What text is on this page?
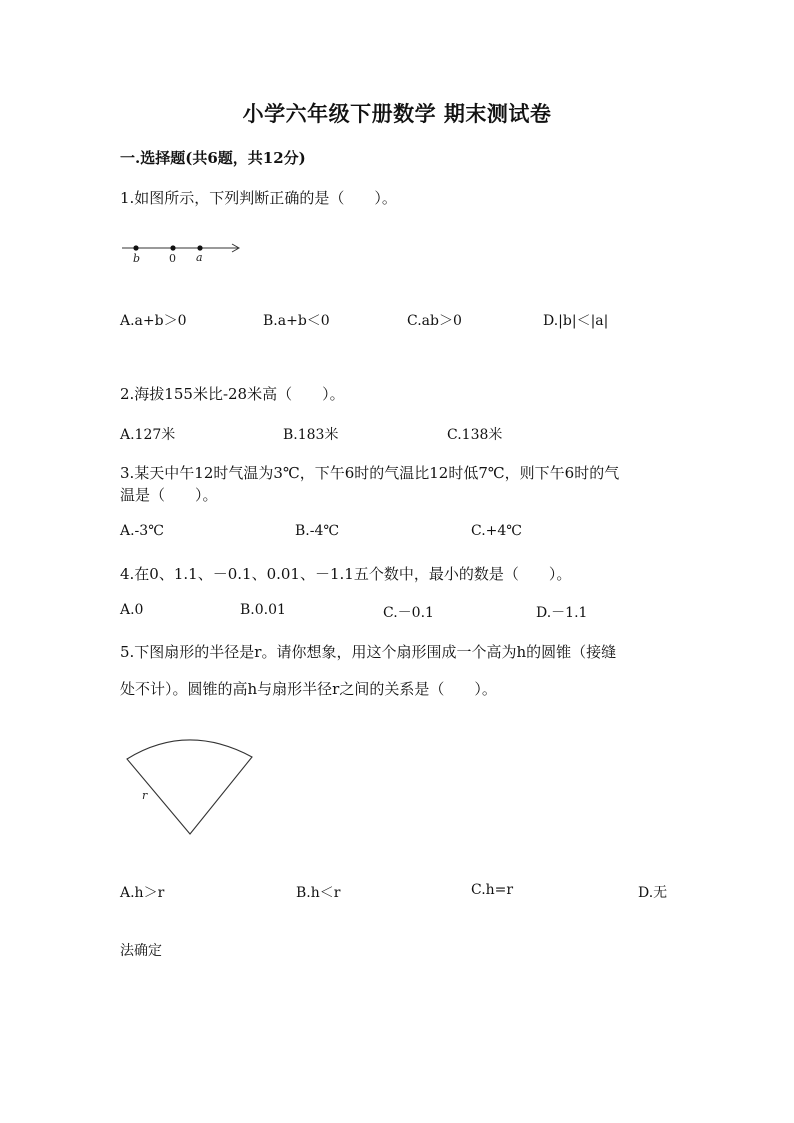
小学六年级下册数学 期末测试卷
一.选择题(共6题，共12分)
1.如图所示，下列判断正确的是（　　）。
b	0 a
A.a+b＞0	B.a+b＜0	C.ab＞0	D.|b|＜|a|
2.海拔155米比-28米高（　　）。
A.127米	B.183米	C.138米
3.某天中午12时气温为3℃，下午6时的气温比12时低7℃，则下午6时的气
温是（　　）。
A.-3℃	B.-4℃	C.+4℃
4.在0、1.1、－0.1、0.01、－1.1五个数中，最小的数是（　　）。
A.0	B.0.01	C.－0.1	D.－1.1
5.下图扇形的半径是r。请你想象，用这个扇形围成一个高为h的圆锥（接缝
处不计）。圆锥的高h与扇形半径r之间的关系是（　　）。
r
A.h＞r	B.h＜r	C.h=r	D.无
法确定
